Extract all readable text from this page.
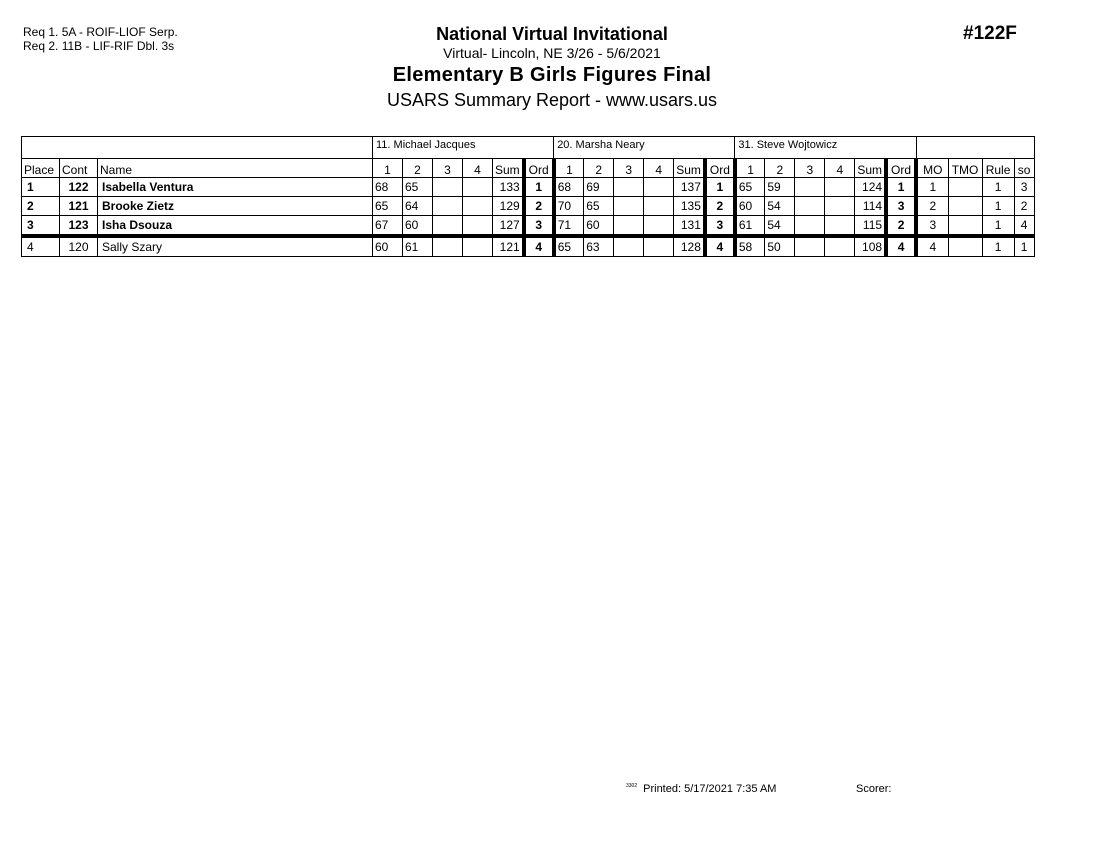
Req 1. 5A - ROIF-LIOF Serp.
Req 2. 11B - LIF-RIF Dbl. 3s
National Virtual Invitational
Virtual- Lincoln, NE 3/26 - 5/6/2021
Elementary B Girls Figures Final
USARS Summary Report - www.usars.us
#122F
			11. Michael Jacques						20. Marsha Neary						31. Steve Wojtowicz									
Place	Cont	Name	1	2	3	4	Sum	Ord	1	2	3	4	Sum	Ord	1	2	3	4	Sum	Ord	MO	TMO	Rule	so
1	122	Isabella Ventura	68	65			133	1	68	69			137	1	65	59			124	1	1		1	3
2	121	Brooke Zietz	65	64			129	2	70	65			135	2	60	54			114	3	2		1	2
3	123	Isha Dsouza	67	60			127	3	71	60			131	3	61	54			115	2	3		1	4
4	120	Sally Szary	60	61			121	4	65	63			128	4	58	50			108	4	4		1	1
$^{3302}$ Printed: 5/17/2021 7:35 AM	Scorer:
